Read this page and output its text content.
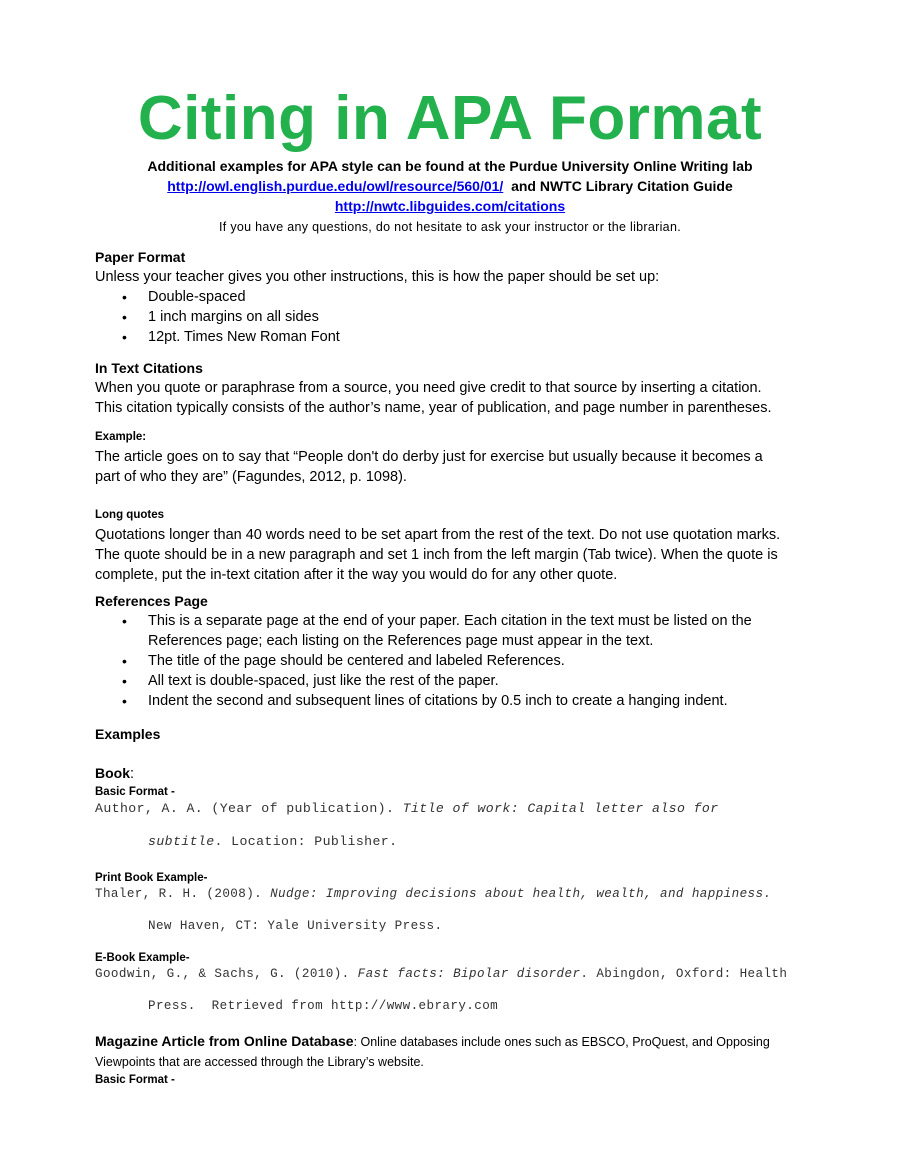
Citing in APA Format
Additional examples for APA style can be found at the Purdue University Online Writing lab
http://owl.english.purdue.edu/owl/resource/560/01/ and NWTC Library Citation Guide
http://nwtc.libguides.com/citations
If you have any questions, do not hesitate to ask your instructor or the librarian.
Paper Format
Unless your teacher gives you other instructions, this is how the paper should be set up:
• Double-spaced
• 1 inch margins on all sides
• 12pt. Times New Roman Font
In Text Citations
When you quote or paraphrase from a source, you need give credit to that source by inserting a citation. This citation typically consists of the author’s name, year of publication, and page number in parentheses.
Example:
The article goes on to say that “People don't do derby just for exercise but usually because it becomes a part of who they are” (Fagundes, 2012, p. 1098).
Long quotes
Quotations longer than 40 words need to be set apart from the rest of the text. Do not use quotation marks. The quote should be in a new paragraph and set 1 inch from the left margin (Tab twice). When the quote is complete, put the in-text citation after it the way you would do for any other quote.
References Page
• This is a separate page at the end of your paper. Each citation in the text must be listed on the References page; each listing on the References page must appear in the text.
• The title of the page should be centered and labeled References.
• All text is double-spaced, just like the rest of the paper.
• Indent the second and subsequent lines of citations by 0.5 inch to create a hanging indent.
Examples
Book:
Basic Format -
Author, A. A. (Year of publication). Title of work: Capital letter also for
subtitle. Location: Publisher.
Print Book Example-
Thaler, R. H. (2008). Nudge: Improving decisions about health, wealth, and happiness.
New Haven, CT: Yale University Press.
E-Book Example-
Goodwin, G., & Sachs, G. (2010). Fast facts: Bipolar disorder. Abingdon, Oxford: Health
Press.  Retrieved from http://www.ebrary.com
Magazine Article from Online Database: Online databases include ones such as EBSCO, ProQuest, and Opposing Viewpoints that are accessed through the Library’s website.
Basic Format -
